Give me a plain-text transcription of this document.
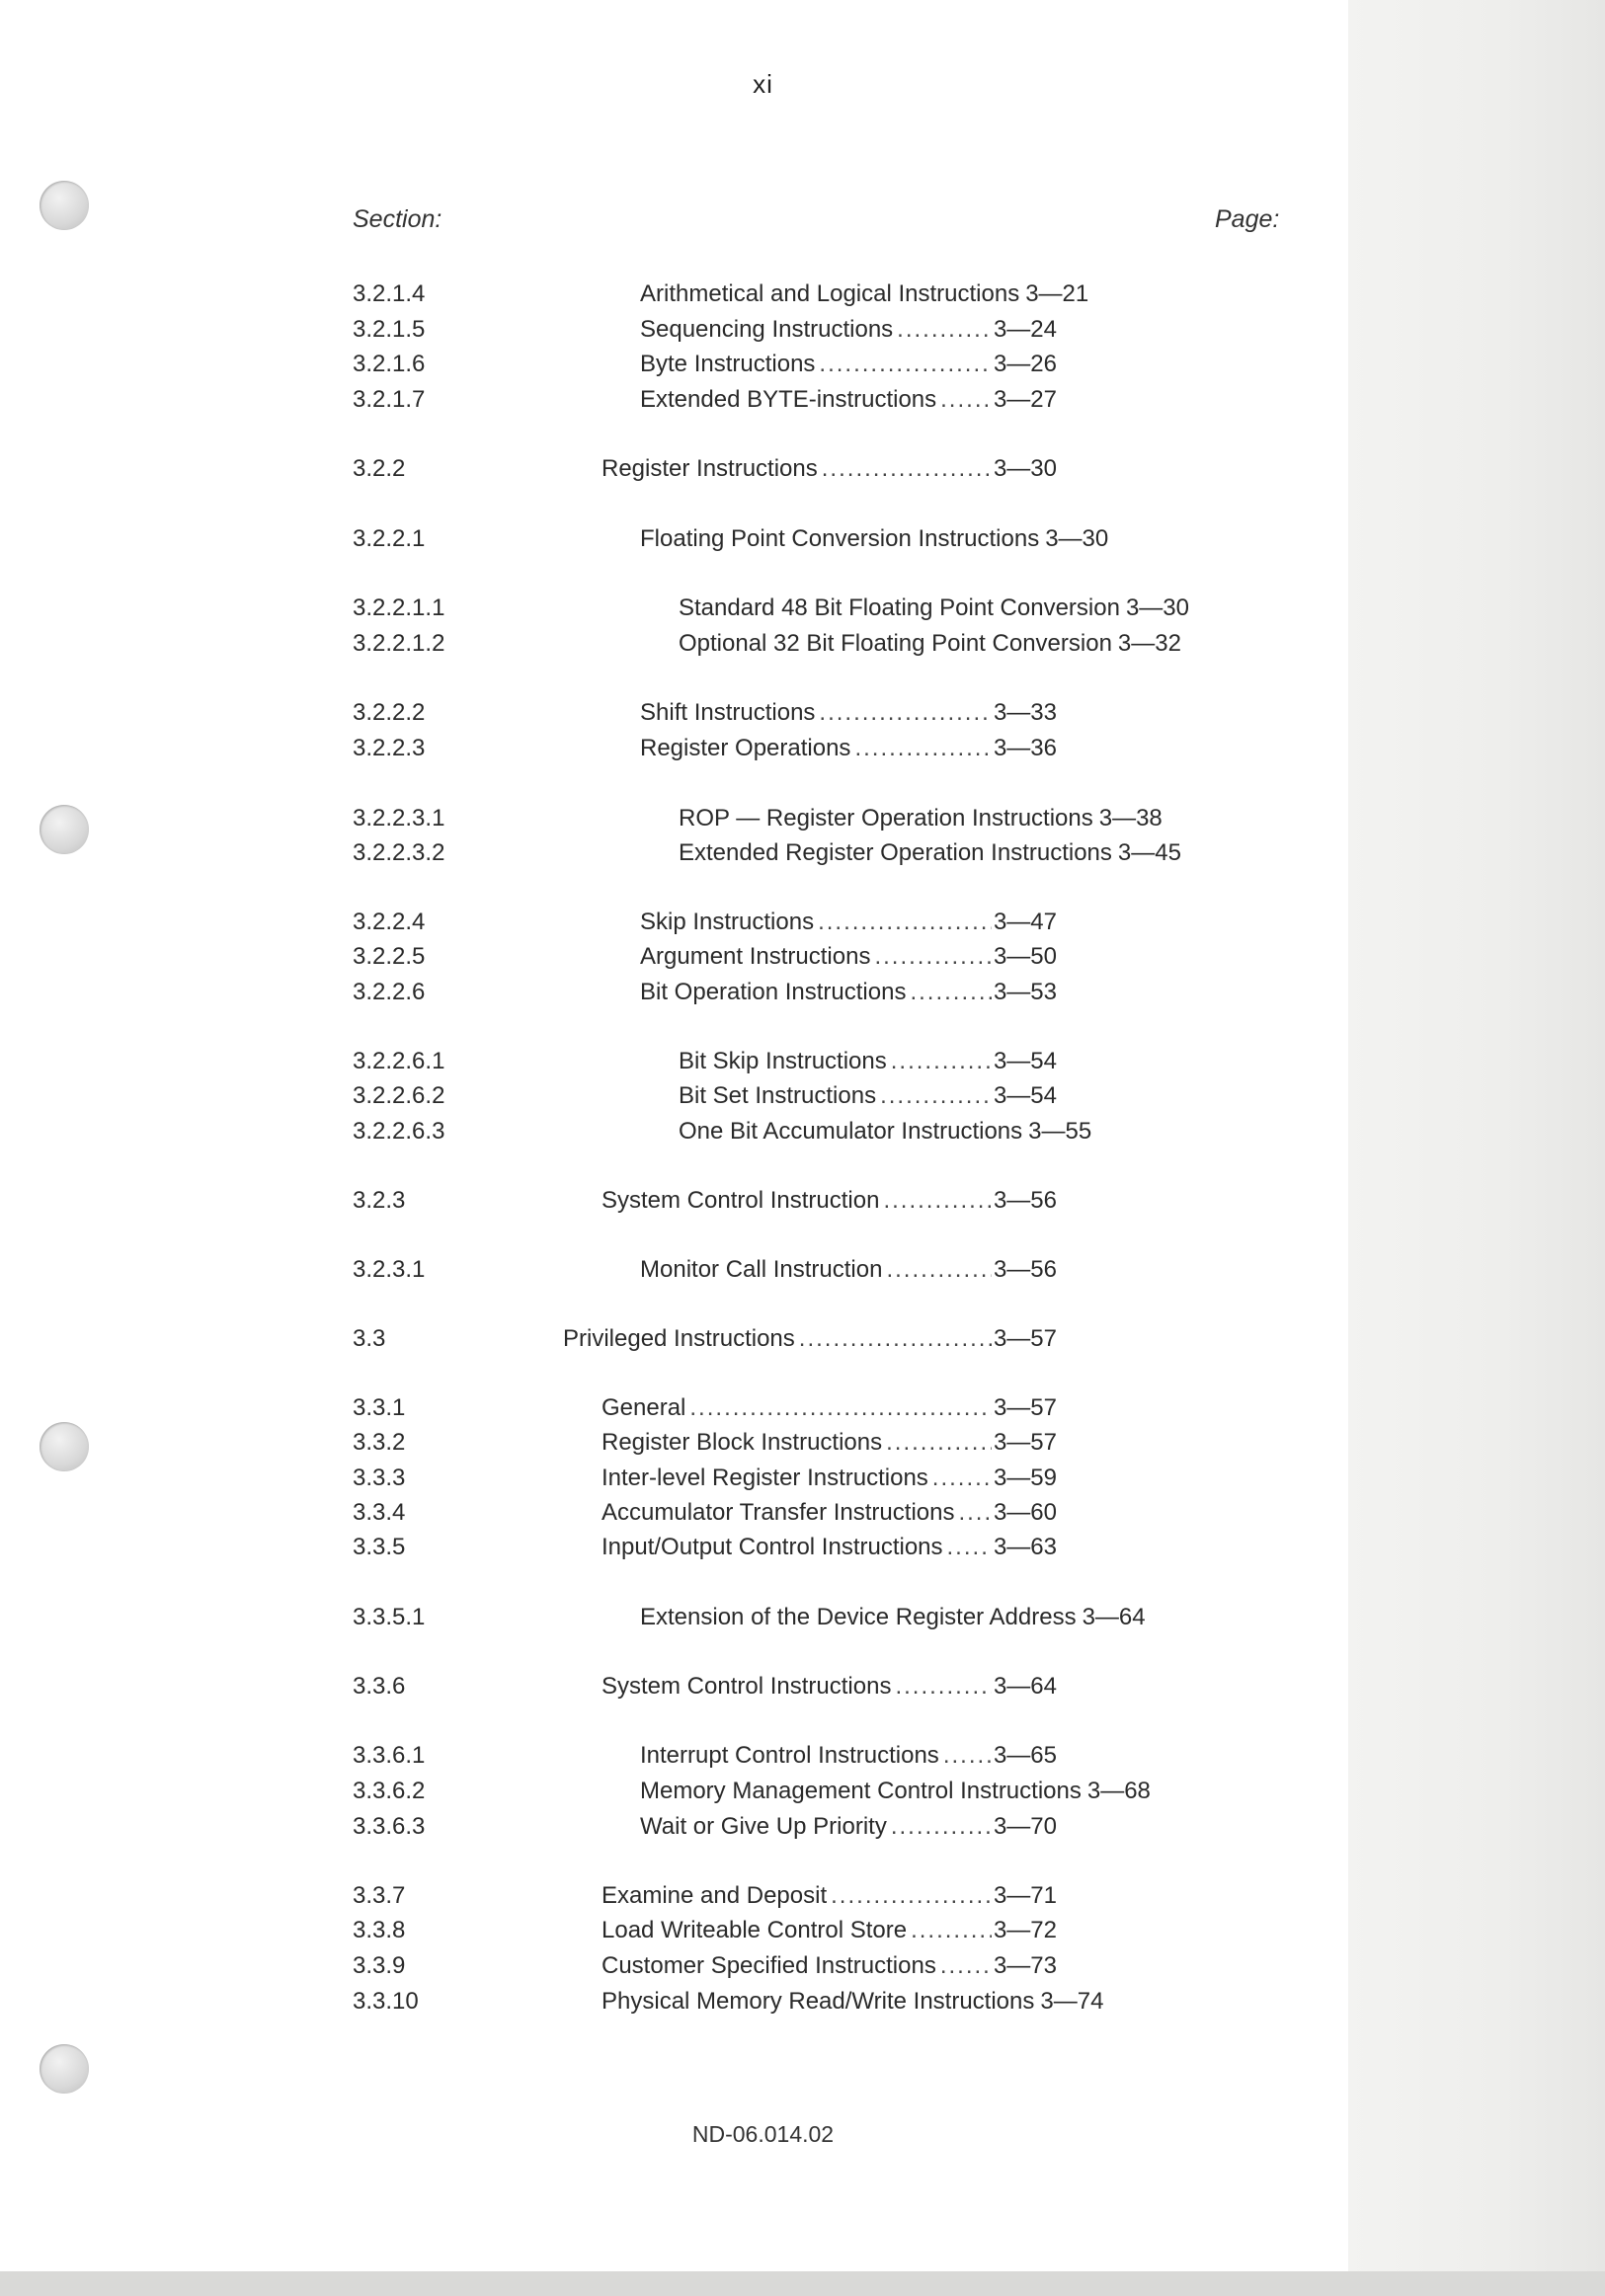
xi
Section:	Page:
3.2.1.4	Arithmetical and Logical Instructions 3—21
3.2.1.5	Sequencing Instructions .....	3—24
3.2.1.6	Byte Instructions .....	3—26
3.2.1.7	Extended BYTE-instructions ..... 3—27
3.2.2	Register Instructions .....	3—30
3.2.2.1	Floating Point Conversion Instructions 3—30
3.2.2.1.1	Standard 48 Bit Floating Point Conversion 3—30
3.2.2.1.2	Optional 32 Bit Floating Point Conversion 3—32
3.2.2.2	Shift Instructions .....	3—33
3.2.2.3	Register Operations .....	3—36
3.2.2.3.1	ROP — Register Operation Instructions 3—38
3.2.2.3.2	Extended Register Operation Instructions 3—45
3.2.2.4	Skip Instructions .....	3—47
3.2.2.5	Argument Instructions .....	3—50
3.2.2.6	Bit Operation Instructions .....	3—53
3.2.2.6.1	Bit Skip Instructions .....	3—54
3.2.2.6.2	Bit Set Instructions .....	3—54
3.2.2.6.3	One Bit Accumulator Instructions 3—55
3.2.3	System Control Instruction .....	3—56
3.2.3.1	Monitor Call Instruction .....	3—56
3.3	Privileged Instructions .....	3—57
3.3.1	General .....	3—57
3.3.2	Register Block Instructions .....	3—57
3.3.3	Inter-level Register Instructions .....	3—59
3.3.4	Accumulator Transfer Instructions ..... 3—60
3.3.5	Input/Output Control Instructions ..... 3—63
3.3.5.1	Extension of the Device Register Address 3—64
3.3.6	System Control Instructions .....	3—64
3.3.6.1	Interrupt Control Instructions ..... 3—65
3.3.6.2	Memory Management Control Instructions 3—68
3.3.6.3	Wait or Give Up Priority .....	3—70
3.3.7	Examine and Deposit .....	3—71
3.3.8	Load Writeable Control Store .....	3—72
3.3.9	Customer Specified Instructions ..... 3—73
3.3.10	Physical Memory Read/Write Instructions 3—74
ND-06.014.02
